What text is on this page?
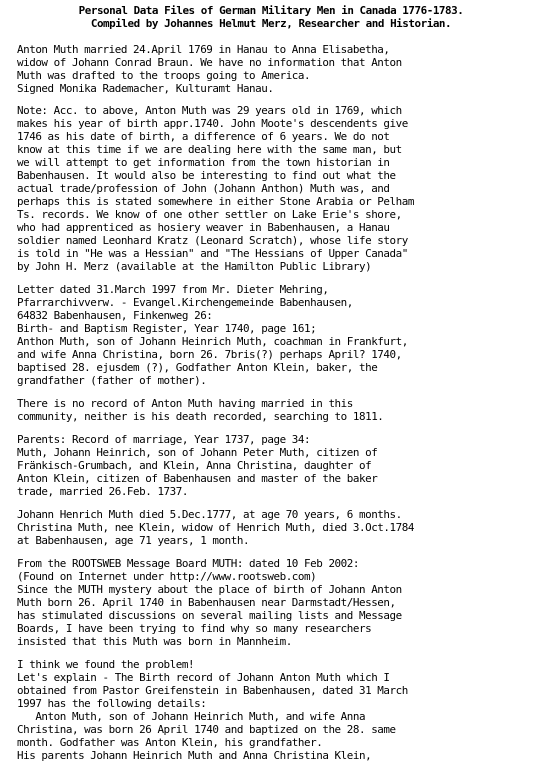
Personal Data Files of German Military Men in Canada 1776-1783.
Compiled by Johannes Helmut Merz, Researcher and Historian.
Anton Muth married 24.April 1769 in Hanau to Anna Elisabetha,
widow of Johann Conrad Braun. We have no information that Anton
Muth was drafted to the troops going to America.
Signed Monika Rademacher, Kulturamt Hanau.
Note: Acc. to above, Anton Muth was 29 years old in 1769, which
makes his year of birth appr.1740. John Moote's descendents give
1746 as his date of birth, a difference of 6 years. We do not
know at this time if we are dealing here with the same man, but
we will attempt to get information from the town historian in
Babenhausen. It would also be interesting to find out what the
actual trade/profession of John (Johann Anthon) Muth was, and
perhaps this is stated somewhere in either Stone Arabia or Pelham
Ts. records. We know of one other settler on Lake Erie's shore,
who had apprenticed as hosiery weaver in Babenhausen, a Hanau
soldier named Leonhard Kratz (Leonard Scratch), whose life story
is told in "He was a Hessian" and "The Hessians of Upper Canada"
by John H. Merz (available at the Hamilton Public Library)
Letter dated 31.March 1997 from Mr. Dieter Mehring,
Pfarrarchivverw. - Evangel.Kirchengemeinde Babenhausen,
64832 Babenhausen, Finkenweg 26:
Birth- and Baptism Register, Year 1740, page 161;
Anthon Muth, son of Johann Heinrich Muth, coachman in Frankfurt,
and wife Anna Christina, born 26. 7bris(?) perhaps April? 1740,
baptised 28. ejusdem (?), Godfather Anton Klein, baker, the
grandfather (father of mother).
There is no record of Anton Muth having married in this
community, neither is his death recorded, searching to 1811.
Parents: Record of marriage, Year 1737, page 34:
Muth, Johann Heinrich, son of Johann Peter Muth, citizen of
Fränkisch-Grumbach, and Klein, Anna Christina, daughter of
Anton Klein, citizen of Babenhausen and master of the baker
trade, married 26.Feb. 1737.
Johann Henrich Muth died 5.Dec.1777, at age 70 years, 6 months.
Christina Muth, nee Klein, widow of Henrich Muth, died 3.Oct.1784
at Babenhausen, age 71 years, 1 month.
From the ROOTSWEB Message Board MUTH: dated 10 Feb 2002:
(Found on Internet under http://www.rootsweb.com)
Since the MUTH mystery about the place of birth of Johann Anton
Muth born 26. April 1740 in Babenhausen near Darmstadt/Hessen,
has stimulated discussions on several mailing lists and Message
Boards, I have been trying to find why so many researchers
insisted that this Muth was born in Mannheim.
I think we found the problem!
Let's explain - The Birth record of Johann Anton Muth which I
obtained from Pastor Greifenstein in Babenhausen, dated 31 March
1997 has the following details:
Anton Muth, son of Johann Heinrich Muth, and wife Anna
Christina, was born 26 April 1740 and baptized on the 28. same
month. Godfather was Anton Klein, his grandfather.
His parents Johann Heinrich Muth and Anna Christina Klein,
